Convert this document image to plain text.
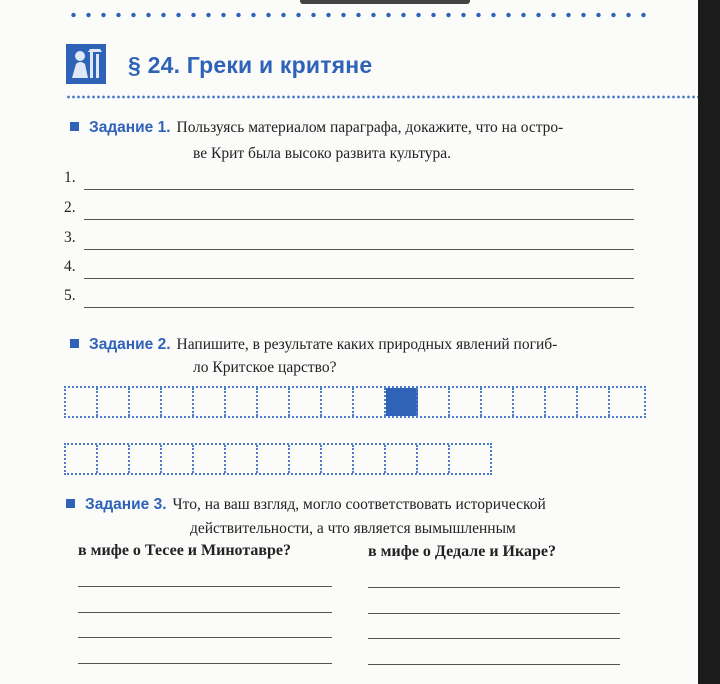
§ 24. Греки и критяне
Задание 1. Пользуясь материалом параграфа, докажите, что на остро-
ве Крит была высоко развита культура.
1.
2.
3.
4.
5.
Задание 2. Напишите, в результате каких природных явлений погиб-
ло Критское царство?
Задание 3. Что, на ваш взгляд, могло соответствовать исторической
действительности, а что является вымышленным
в мифе о Тесее и Минотавре?	в мифе о Дедале и Икаре?
